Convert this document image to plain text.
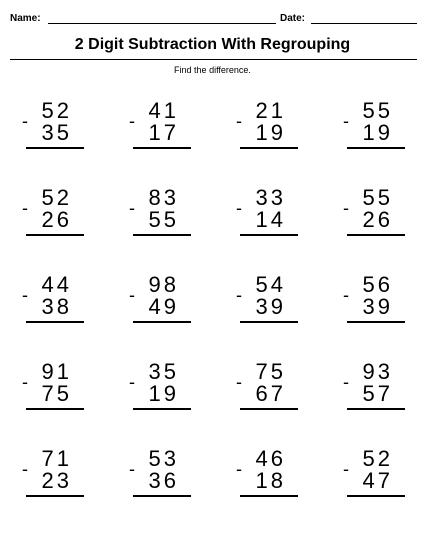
Name:	Date:
2 Digit Subtraction With Regrouping
Find the difference.
52
- 35
41
- 17
21
- 19
55
- 19
52
- 26
83
- 55
33
- 14
55
- 26
44
- 38
98
- 49
54
- 39
56
- 39
91
- 75
35
- 19
75
- 67
93
- 57
71
- 23
53
- 36
46
- 18
52
- 47
